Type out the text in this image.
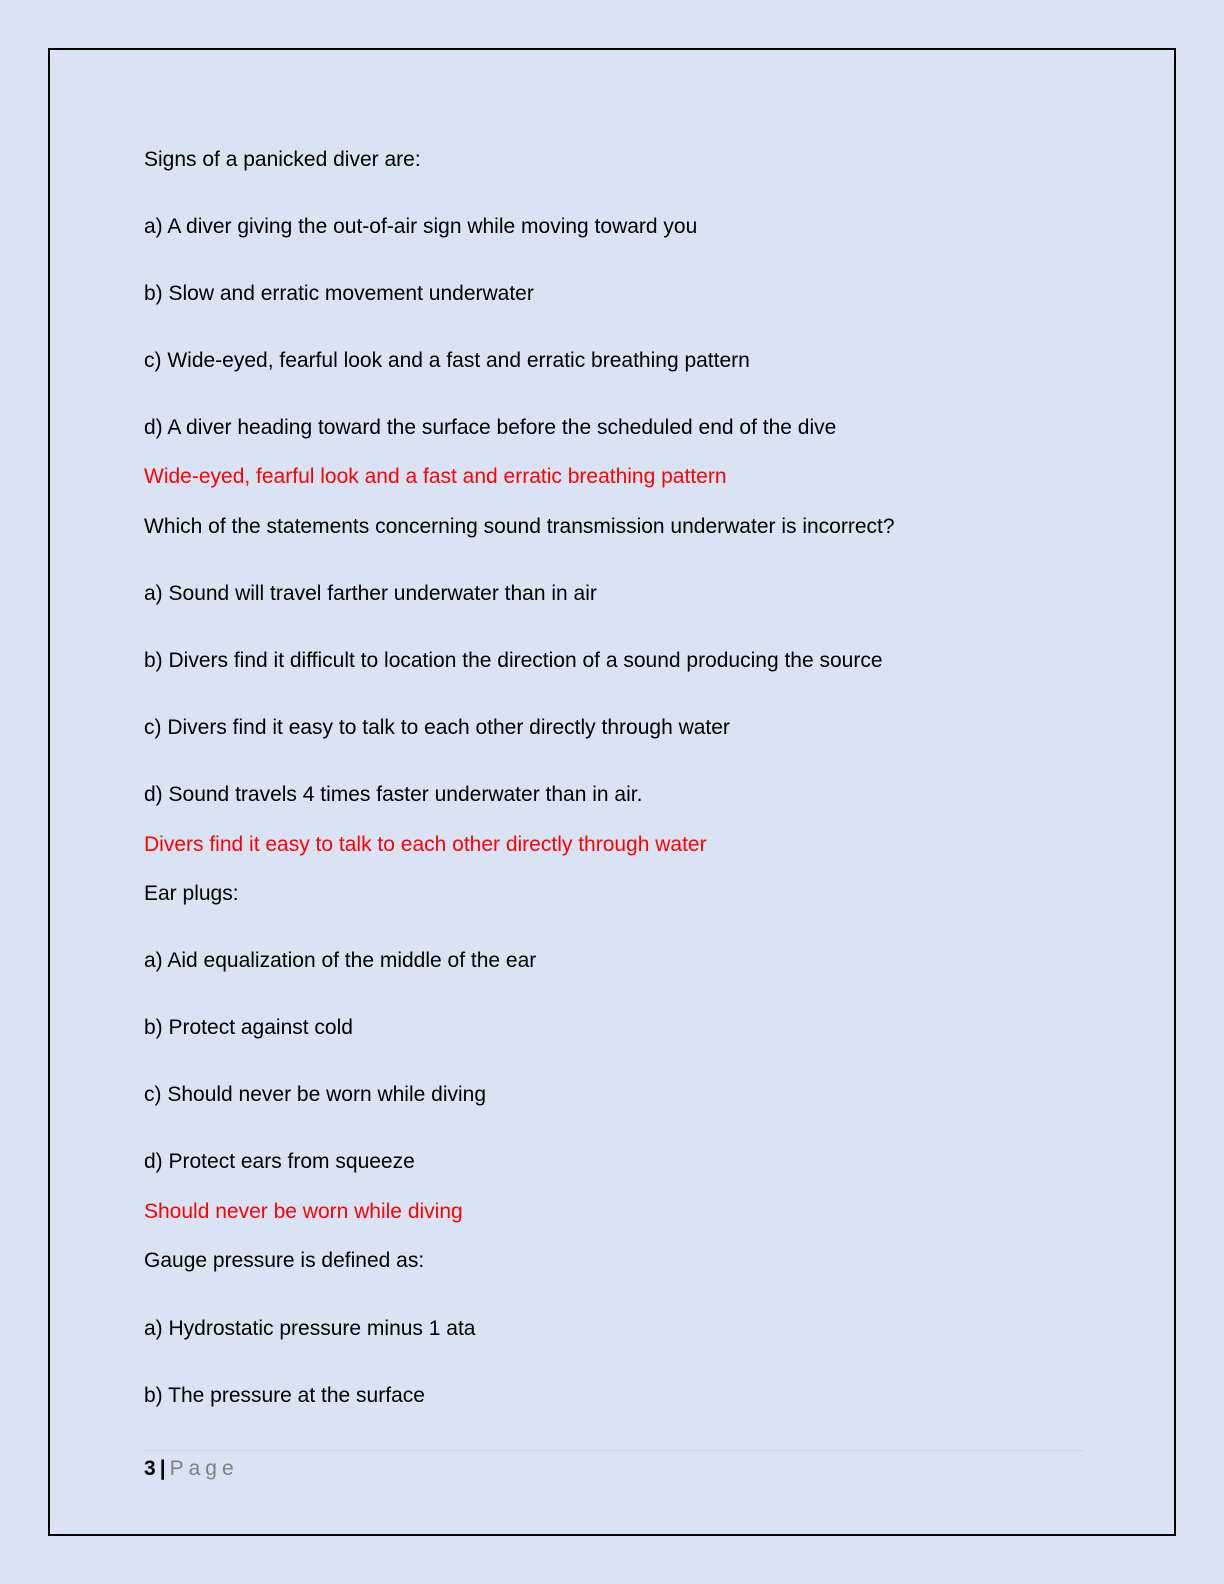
Signs of a panicked diver are:
a) A diver giving the out-of-air sign while moving toward you
b) Slow and erratic movement underwater
c) Wide-eyed, fearful look and a fast and erratic breathing pattern
d) A diver heading toward the surface before the scheduled end of the dive
Wide-eyed, fearful look and a fast and erratic breathing pattern
Which of the statements concerning sound transmission underwater is incorrect?
a) Sound will travel farther underwater than in air
b) Divers find it difficult to location the direction of a sound producing the source
c) Divers find it easy to talk to each other directly through water
d) Sound travels 4 times faster underwater than in air.
Divers find it easy to talk to each other directly through water
Ear plugs:
a) Aid equalization of the middle of the ear
b) Protect against cold
c) Should never be worn while diving
d) Protect ears from squeeze
Should never be worn while diving
Gauge pressure is defined as:
a) Hydrostatic pressure minus 1 ata
b) The pressure at the surface
3 | Page
